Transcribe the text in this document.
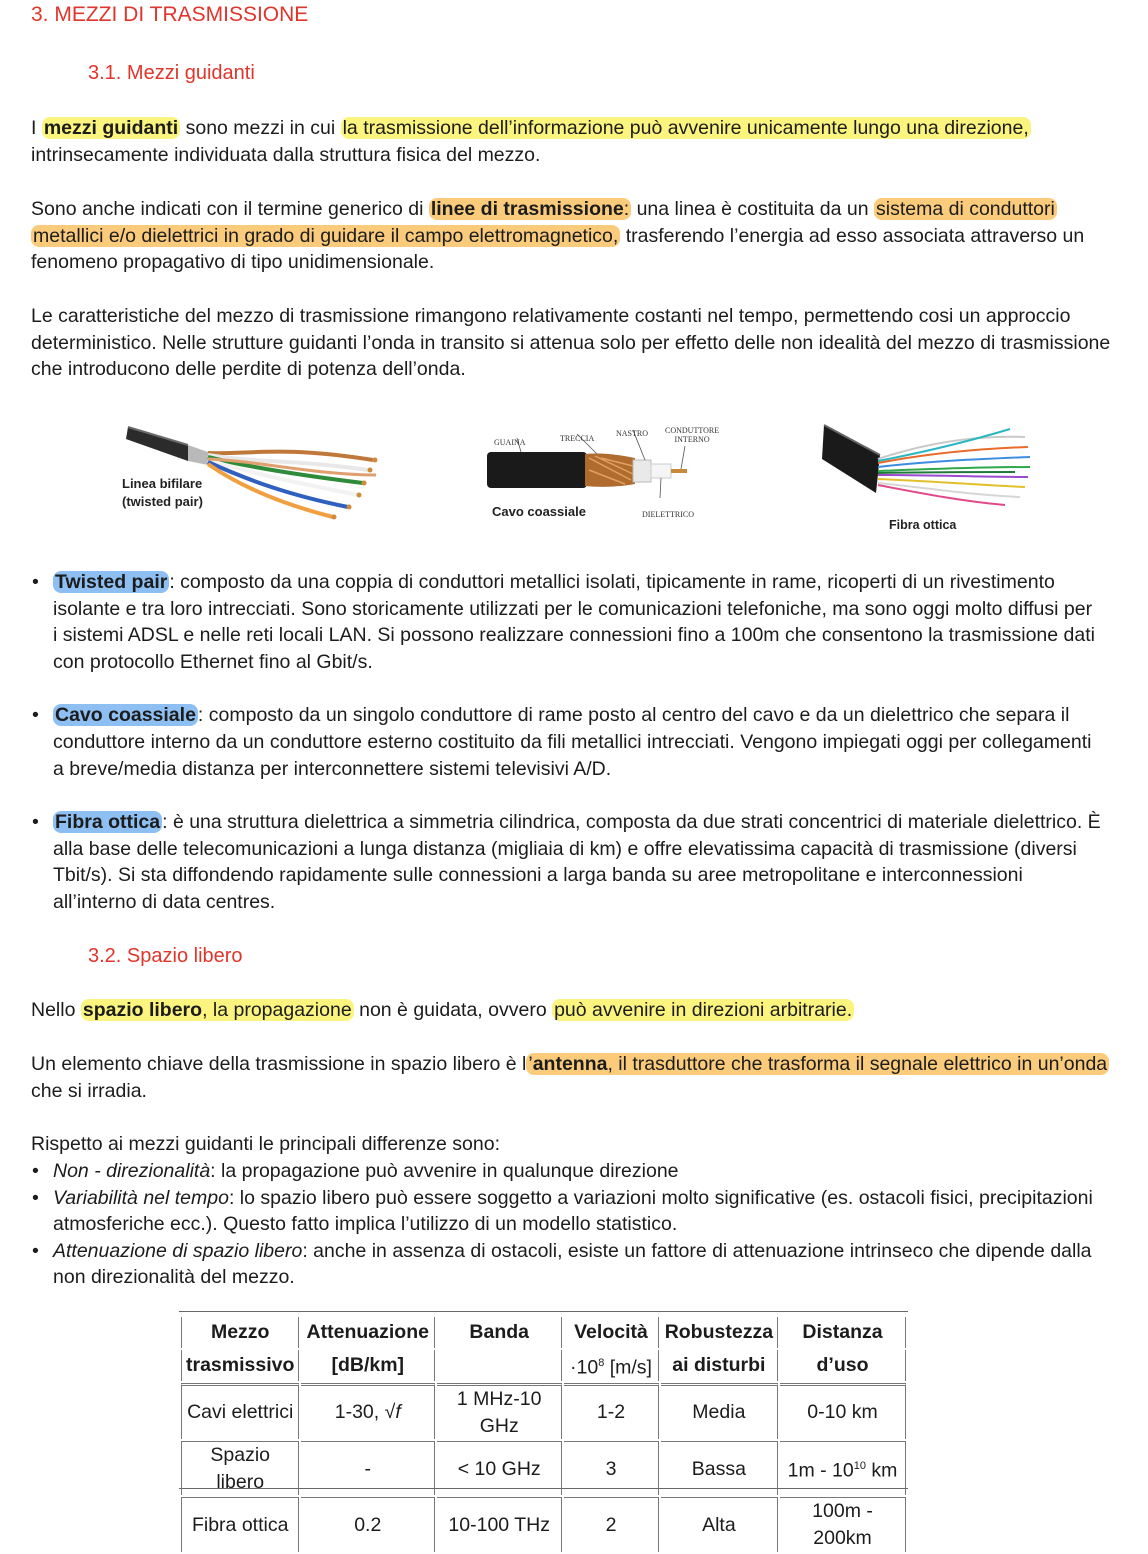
3. MEZZI DI TRASMISSIONE
3.1. Mezzi guidanti

I mezzi guidanti sono mezzi in cui la trasmissione dell’informazione può avvenire unicamente lungo una direzione, intrinsecamente individuata dalla struttura fisica del mezzo.

Sono anche indicati con il termine generico di linee di trasmissione: una linea è costituita da un sistema di conduttori metallici e/o dielettrici in grado di guidare il campo elettromagnetico, trasferendo l’energia ad esso associata attraverso un fenomeno propagativo di tipo unidimensionale.

Le caratteristiche del mezzo di trasmissione rimangono relativamente costanti nel tempo, permettendo cosi un approccio deterministico. Nelle strutture guidanti l’onda in transito si attenua solo per effetto delle non idealità del mezzo di trasmissione che introducono delle perdite di potenza dell’onda.

Linea bifilare
(twisted pair)
GUAINA	TRECCIA
NASTRO CONDUTTORE
INTERNO
DIELETTRICO
Cavo coassiale
Fibra ottica
• Twisted pair : composto da una coppia di conduttori metallici isolati, tipicamente in rame, ricoperti di un rivestimento isolante e tra loro intrecciati. Sono storicamente utilizzati per le comunicazioni telefoniche, ma sono oggi molto diffusi per i sistemi ADSL e nelle reti locali LAN. Si possono realizzare connessioni fino a 100m che consentono la trasmissione dati con protocollo Ethernet fino al Gbit/s.
• Cavo coassiale : composto da un singolo conduttore di rame posto al centro del cavo e da un dielettrico che separa il conduttore interno da un conduttore esterno costituito da fili metallici intrecciati. Vengono impiegati oggi per collegamenti a breve/media distanza per interconnettere sistemi televisivi A/D.
• Fibra ottica : è una struttura dielettrica a simmetria cilindrica, composta da due strati concentrici di materiale dielettrico. È alla base delle telecomunicazioni a lunga distanza (migliaia di km) e offre elevatissima capacità di trasmissione (diversi Tbit/s). Si sta diffondendo rapidamente sulle connessioni a larga banda su aree metropolitane e interconnessioni all’interno di data centres.
3.2. Spazio libero

Nello spazio libero, la propagazione non è guidata, ovvero può avvenire in direzioni arbitrarie.

Un elemento chiave della trasmissione in spazio libero è l ’antenna, il trasduttore che trasforma il segnale elettrico in un’onda che si irradia.

Rispetto ai mezzi guidanti le principali differenze sono:

• Non - direzionalità: la propagazione può avvenire in qualunque direzione
• Variabilità nel tempo: lo spazio libero può essere soggetto a variazioni molto significative (es. ostacoli fisici, precipitazioni atmosferiche ecc.). Questo fatto implica l’utilizzo di un modello statistico.
• Attenuazione di spazio libero: anche in assenza di ostacoli, esiste un fattore di attenuazione intrinseco che dipende dalla non direzionalità del mezzo.
Mezzo	Attenuazione	Banda	Velocità	Robustezza	Distanza
trasmissivo	[dB/km]		$\cdot 10^8$ [m/s]	ai disturbi	d’uso
Cavi elettrici	1-30, √f	1 MHz-10 GHz	1-2	Media	0-10 km
Spazio libero	-	< 10 GHz	3	Bassa	$1m - 10^{10}$ km
Fibra ottica	0.2	10-100 THz	2	Alta	100m - 200km
